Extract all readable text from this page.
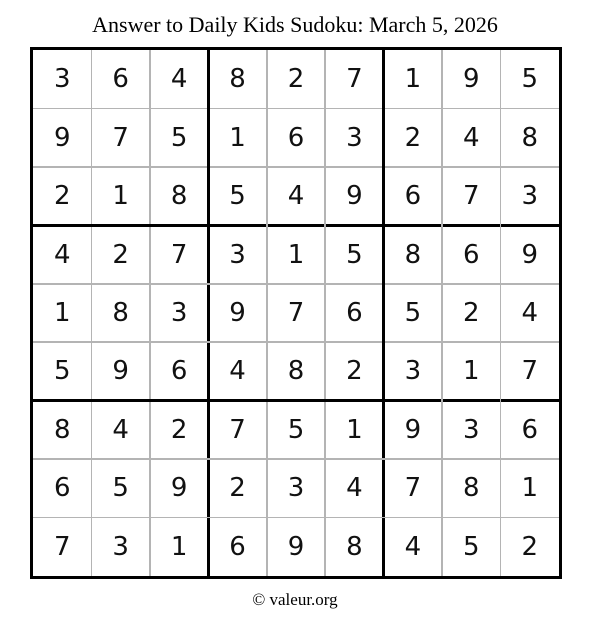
Answer to Daily Kids Sudoku: March 5, 2026
3	6	4	8	2	7	1	9	5
9	7	5	1	6	3	2	4	8
2	1	8	5	4	9	6	7	3
4	2	7	3	1	5	8	6	9
1	8	3	9	7	6	5	2	4
5	9	6	4	8	2	3	1	7
8	4	2	7	5	1	9	3	6
6	5	9	2	3	4	7	8	1
7	3	1	6	9	8	4	5	2
© valeur.org
